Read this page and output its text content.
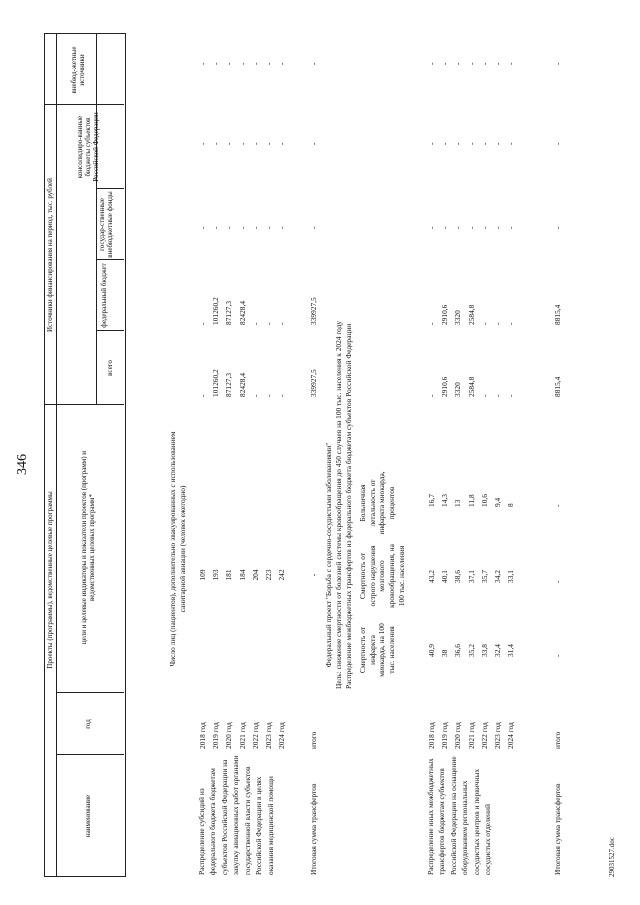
346
Проекты (программы), ведомственные целевые программы
Источники финансирования на период, тыс. рублей
наименование
год
цели и целевые индикаторы и показатели проектов (программ) и ведомственных целевых программ*
всего
федеральный бюджет
государ-ственные внебюджетные фонды
консолидиро-ванные бюджеты субъектов Российской Федерации
внебюд-жетные источники
Число лиц (пациентов), дополнительно эвакуированных с использованием санитарной авиации (человек ежегодно)
Распределение субсидий из федерального бюджета бюджетам субъектов Российской Федерации на закупку авиационных работ органами государственной власти субъектов Российской Федерации в целях оказания медицинской помощи
2018 год
109
-
-
-
-
-
2019 год
193
101260,2
101260,2
-
-
-
2020 год
181
87127,3
87127,3
-
-
-
2021 год
184
82428,4
82428,4
-
-
-
2022 год
204
-
-
-
-
-
2023 год
223
-
-
-
-
-
2024 год
242
-
-
-
-
-
Итоговая сумма трансфертов
итого
-
339927,5
339927,5
-
-
-
Федеральный проект "Борьба с сердечно-сосудистыми заболеваниями" Цель: снижение смертности от болезней системы кровообращения до 450 случаев на 100 тыс. населения к 2024 году Распределение межбюджетных трансфертов из федерального бюджета бюджетам субъектов Российской Федерации Смертность от инфаркта миокарда, на 100 тыс. населения
Смертность от острого нарушения мозгового кровообращения, на 100 тыс. населения
Больничная летальность от инфаркта миокарда, процентов
Распределение иных межбюджетных трансфертов бюджетам субъектов Российской Федерации на оснащение оборудованием региональных сосудистых центров и первичных сосудистых отделений
2018 год
40,9
43,2
16,7
-
-
-
-
-
2019 год
38
40,1
14,3
2910,6
2910,6
-
-
-
2020 год
36,6
38,6
13
3320
3320
-
-
-
2021 год
35,2
37,1
11,8
2584,8
2584,8
-
-
-
2022 год
33,8
35,7
10,6
-
-
-
-
-
2023 год
32,4
34,2
9,4
-
-
-
-
-
2024 год
31,4
33,1
8
-
-
-
-
-
Итоговая сумма трансфертов
итого
-
-
-
8815,4
8815,4
-
-
-
29031527.doc
